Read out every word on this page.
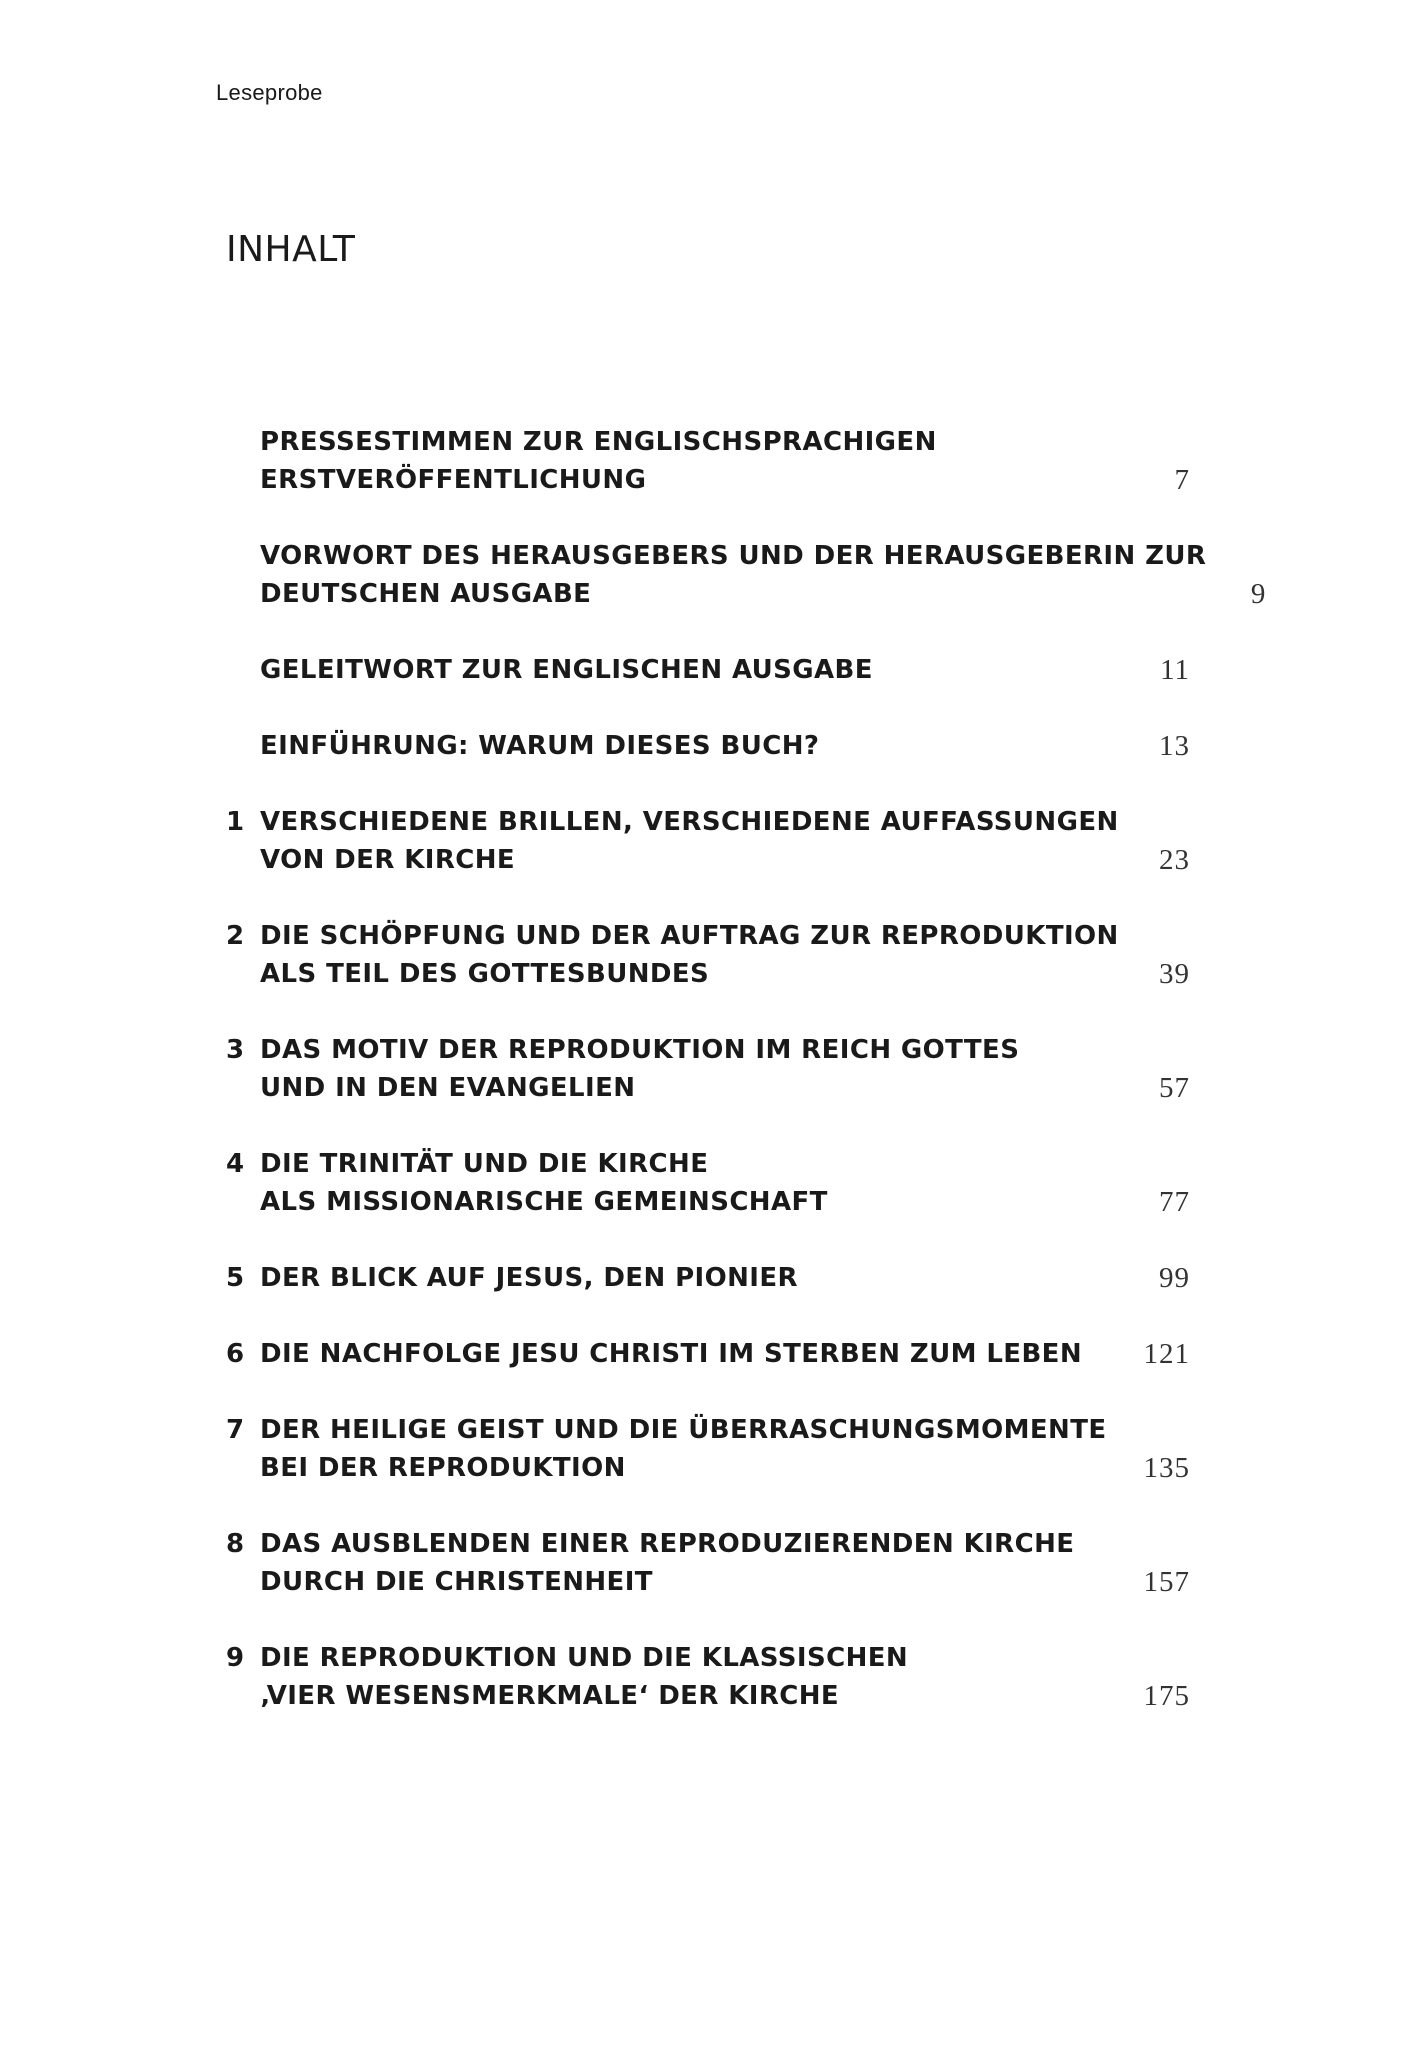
Leseprobe
INHALT
PRESSESTIMMEN ZUR ENGLISCHSPRACHIGEN
ERSTVERÖFFENTLICHUNG	7
VORWORT DES HERAUSGEBERS UND DER HERAUSGEBERIN ZUR
DEUTSCHEN AUSGABE	9
GELEITWORT ZUR ENGLISCHEN AUSGABE	11
EINFÜHRUNG: WARUM DIESES BUCH?	13
1 VERSCHIEDENE BRILLEN, VERSCHIEDENE AUFFASSUNGEN
VON DER KIRCHE	23
2 DIE SCHÖPFUNG UND DER AUFTRAG ZUR REPRODUKTION
ALS TEIL DES GOTTESBUNDES	39
3 DAS MOTIV DER REPRODUKTION IM REICH GOTTES
UND IN DEN EVANGELIEN	57
4 DIE TRINITÄT UND DIE KIRCHE
ALS MISSIONARISCHE GEMEINSCHAFT	77
5 DER BLICK AUF JESUS, DEN PIONIER	99
6 DIE NACHFOLGE JESU CHRISTI IM STERBEN ZUM LEBEN	121
7 DER HEILIGE GEIST UND DIE ÜBERRASCHUNGSMOMENTE
BEI DER REPRODUKTION	135
8 DAS AUSBLENDEN EINER REPRODUZIERENDEN KIRCHE
DURCH DIE CHRISTENHEIT	157
9 DIE REPRODUKTION UND DIE KLASSISCHEN
‚VIER WESENSMERKMALE‘ DER KIRCHE	175
